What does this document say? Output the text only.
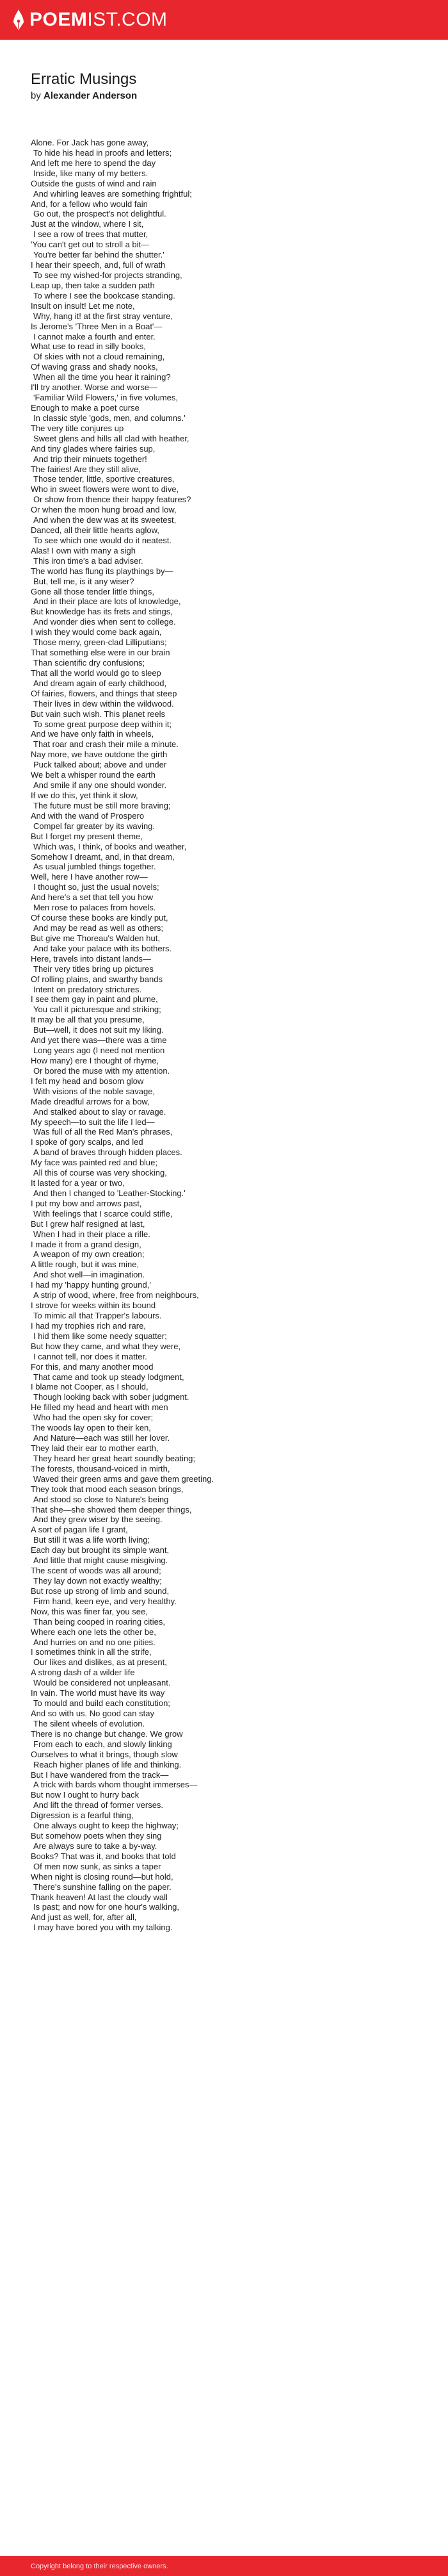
POEMIST.COM
Erratic Musings
by Alexander Anderson
Alone. For Jack has gone away,
To hide his head in proofs and letters;
And left me here to spend the day
Inside, like many of my betters.
Outside the gusts of wind and rain
And whirling leaves are something frightful;
And, for a fellow who would fain
Go out, the prospect's not delightful.
Just at the window, where I sit,
I see a row of trees that mutter,
'You can't get out to stroll a bit—
You're better far behind the shutter.'
I hear their speech, and, full of wrath
To see my wished-for projects stranding,
Leap up, then take a sudden path
To where I see the bookcase standing.
Insult on insult! Let me note,
Why, hang it! at the first stray venture,
Is Jerome's 'Three Men in a Boat'—
I cannot make a fourth and enter.
What use to read in silly books,
Of skies with not a cloud remaining,
Of waving grass and shady nooks,
When all the time you hear it raining?
I'll try another. Worse and worse—
'Familiar Wild Flowers,' in five volumes,
Enough to make a poet curse
In classic style 'gods, men, and columns.'
The very title conjures up
Sweet glens and hills all clad with heather,
And tiny glades where fairies sup,
And trip their minuets together!
The fairies! Are they still alive,
Those tender, little, sportive creatures,
Who in sweet flowers were wont to dive,
Or show from thence their happy features?
Or when the moon hung broad and low,
And when the dew was at its sweetest,
Danced, all their little hearts aglow,
To see which one would do it neatest.
Alas! I own with many a sigh
This iron time's a bad adviser.
The world has flung its playthings by—
But, tell me, is it any wiser?
Gone all those tender little things,
And in their place are lots of knowledge,
But knowledge has its frets and stings,
And wonder dies when sent to college.
I wish they would come back again,
Those merry, green-clad Lilliputians;
That something else were in our brain
Than scientific dry confusions;
That all the world would go to sleep
And dream again of early childhood,
Of fairies, flowers, and things that steep
Their lives in dew within the wildwood.
But vain such wish. This planet reels
To some great purpose deep within it;
And we have only faith in wheels,
That roar and crash their mile a minute.
Nay more, we have outdone the girth
Puck talked about; above and under
We belt a whisper round the earth
And smile if any one should wonder.
If we do this, yet think it slow,
The future must be still more braving;
And with the wand of Prospero
Compel far greater by its waving.
But I forget my present theme,
Which was, I think, of books and weather,
Somehow I dreamt, and, in that dream,
As usual jumbled things together.
Well, here I have another row—
I thought so, just the usual novels;
And here's a set that tell you how
Men rose to palaces from hovels.
Of course these books are kindly put,
And may be read as well as others;
But give me Thoreau's Walden hut,
And take your palace with its bothers.
Here, travels into distant lands—
Their very titles bring up pictures
Of rolling plains, and swarthy bands
Intent on predatory strictures.
I see them gay in paint and plume,
You call it picturesque and striking;
It may be all that you presume,
But—well, it does not suit my liking.
And yet there was—there was a time
Long years ago (I need not mention
How many) ere I thought of rhyme,
Or bored the muse with my attention.
I felt my head and bosom glow
With visions of the noble savage,
Made dreadful arrows for a bow,
And stalked about to slay or ravage.
My speech—to suit the life I led—
Was full of all the Red Man's phrases,
I spoke of gory scalps, and led
A band of braves through hidden places.
My face was painted red and blue;
All this of course was very shocking,
It lasted for a year or two,
And then I changed to 'Leather-Stocking.'
I put my bow and arrows past,
With feelings that I scarce could stifle,
But I grew half resigned at last,
When I had in their place a rifle.
I made it from a grand design,
A weapon of my own creation;
A little rough, but it was mine,
And shot well—in imagination.
I had my 'happy hunting ground,'
A strip of wood, where, free from neighbours,
I strove for weeks within its bound
To mimic all that Trapper's labours.
I had my trophies rich and rare,
I hid them like some needy squatter;
But how they came, and what they were,
I cannot tell, nor does it matter.
For this, and many another mood
That came and took up steady lodgment,
I blame not Cooper, as I should,
Though looking back with sober judgment.
He filled my head and heart with men
Who had the open sky for cover;
The woods lay open to their ken,
And Nature—each was still her lover.
They laid their ear to mother earth,
They heard her great heart soundly beating;
The forests, thousand-voiced in mirth,
Waved their green arms and gave them greeting.
They took that mood each season brings,
And stood so close to Nature's being
That she—she showed them deeper things,
And they grew wiser by the seeing.
A sort of pagan life I grant,
But still it was a life worth living;
Each day but brought its simple want,
And little that might cause misgiving.
The scent of woods was all around;
They lay down not exactly wealthy;
But rose up strong of limb and sound,
Firm hand, keen eye, and very healthy.
Now, this was finer far, you see,
Than being cooped in roaring cities,
Where each one lets the other be,
And hurries on and no one pities.
I sometimes think in all the strife,
Our likes and dislikes, as at present,
A strong dash of a wilder life
Would be considered not unpleasant.
In vain. The world must have its way
To mould and build each constitution;
And so with us. No good can stay
The silent wheels of evolution.
There is no change but change. We grow
From each to each, and slowly linking
Ourselves to what it brings, though slow
Reach higher planes of life and thinking.
But I have wandered from the track—
A trick with bards whom thought immerses—
But now I ought to hurry back
And lift the thread of former verses.
Digression is a fearful thing,
One always ought to keep the highway;
But somehow poets when they sing
Are always sure to take a by-way.
Books? That was it, and books that told
Of men now sunk, as sinks a taper
When night is closing round—but hold,
There's sunshine falling on the paper.
Thank heaven! At last the cloudy wall
Is past; and now for one hour's walking,
And just as well, for, after all,
I may have bored you with my talking.
Copyright belong to their respective owners.
